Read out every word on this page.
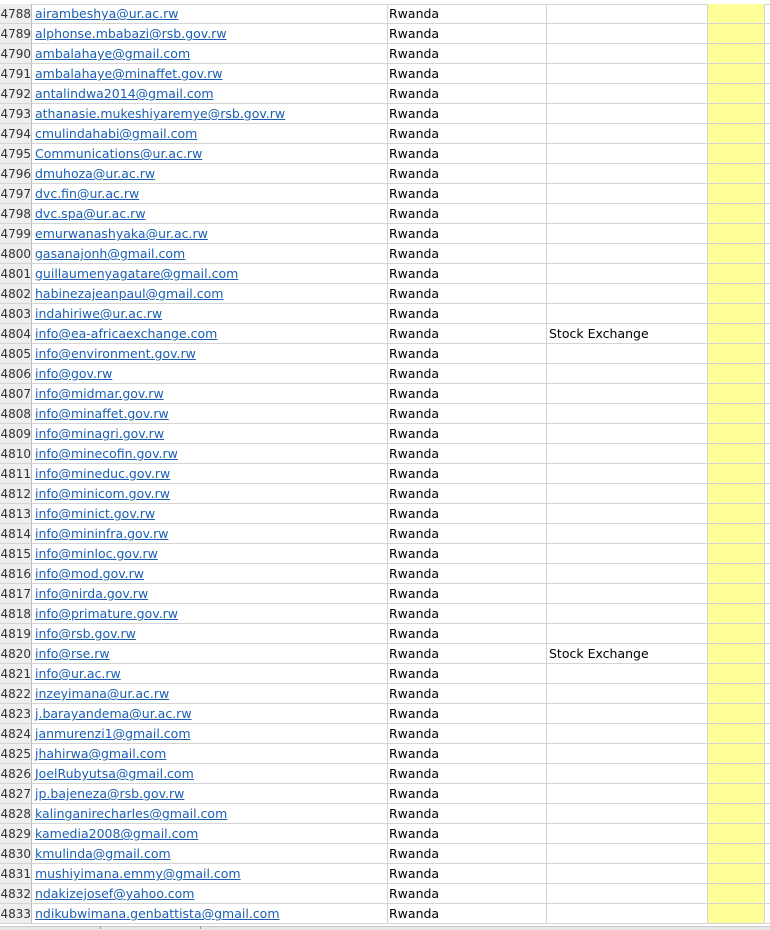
4788 airambeshya@ur.ac.rw	Rwanda
4789 alphonse.mbabazi@rsb.gov.rw	Rwanda
4790 ambalahaye@gmail.com	Rwanda
4791 ambalahaye@minaffet.gov.rw	Rwanda
4792 antalindwa2014@gmail.com	Rwanda
4793 athanasie.mukeshiyaremye@rsb.gov.rw	Rwanda
4794 cmulindahabi@gmail.com	Rwanda
4795 Communications@ur.ac.rw	Rwanda
4796 dmuhoza@ur.ac.rw	Rwanda
4797 dvc.fin@ur.ac.rw	Rwanda
4798 dvc.spa@ur.ac.rw	Rwanda
4799 emurwanashyaka@ur.ac.rw	Rwanda
4800 gasanajonh@gmail.com	Rwanda
4801 guillaumenyagatare@gmail.com	Rwanda
4802 habinezajeanpaul@gmail.com	Rwanda
4803 indahiriwe@ur.ac.rw	Rwanda
4804 info@ea-africaexchange.com	Rwanda	Stock Exchange
4805 info@environment.gov.rw	Rwanda
4806 info@gov.rw	Rwanda
4807 info@midmar.gov.rw	Rwanda
4808 info@minaffet.gov.rw	Rwanda
4809 info@minagri.gov.rw	Rwanda
4810 info@minecofin.gov.rw	Rwanda
4811 info@mineduc.gov.rw	Rwanda
4812 info@minicom.gov.rw	Rwanda
4813 info@minict.gov.rw	Rwanda
4814 info@mininfra.gov.rw	Rwanda
4815 info@minloc.gov.rw	Rwanda
4816 info@mod.gov.rw	Rwanda
4817 info@nirda.gov.rw	Rwanda
4818 info@primature.gov.rw	Rwanda
4819 info@rsb.gov.rw	Rwanda
4820 info@rse.rw	Rwanda	Stock Exchange
4821 info@ur.ac.rw	Rwanda
4822 inzeyimana@ur.ac.rw	Rwanda
4823 j.barayandema@ur.ac.rw	Rwanda
4824 janmurenzi1@gmail.com	Rwanda
4825 jhahirwa@gmail.com	Rwanda
4826 JoelRubyutsa@gmail.com	Rwanda
4827 jp.bajeneza@rsb.gov.rw	Rwanda
4828 kalinganirecharles@gmail.com	Rwanda
4829 kamedia2008@gmail.com	Rwanda
4830 kmulinda@gmail.com	Rwanda
4831 mushiyimana.emmy@gmail.com	Rwanda
4832 ndakizejosef@yahoo.com	Rwanda
4833 ndikubwimana.genbattista@gmail.com	Rwanda
